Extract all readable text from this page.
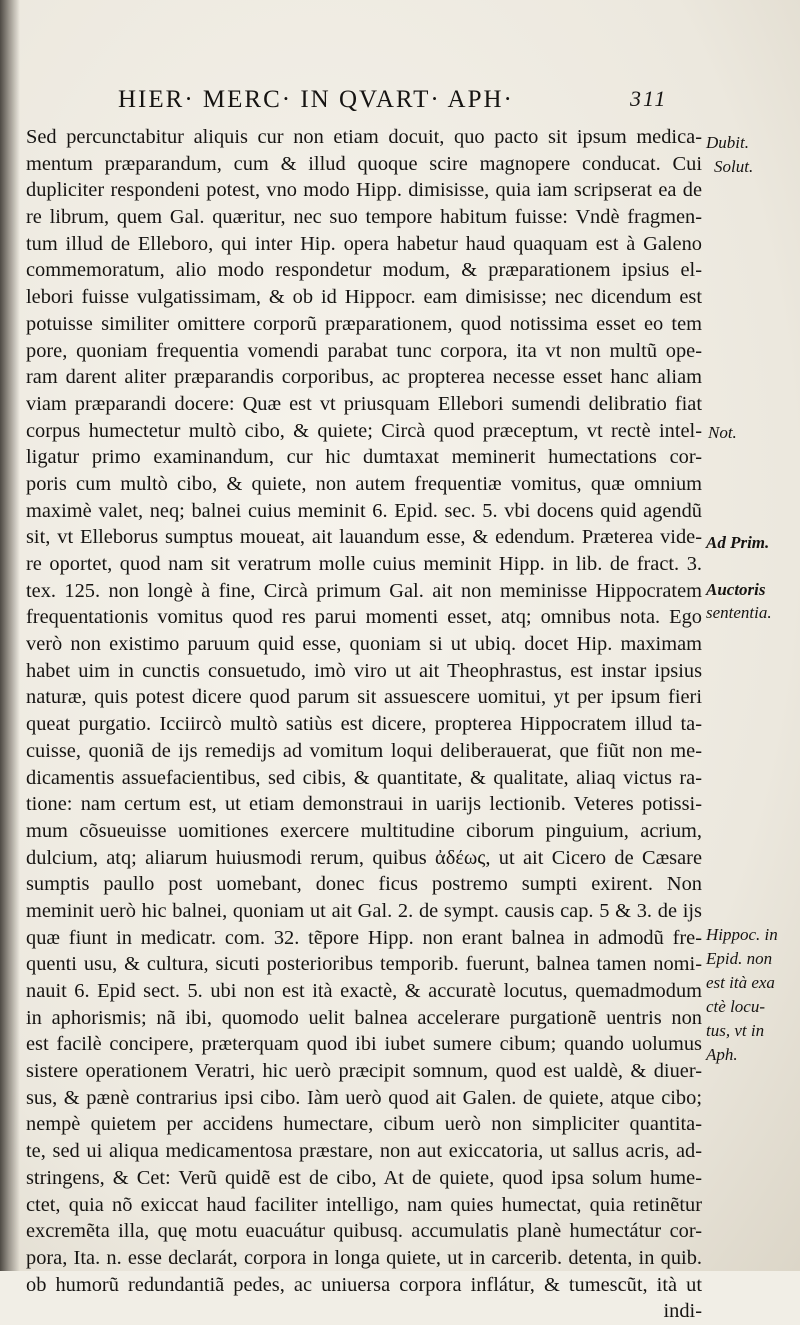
HIER· MERC· IN QVART· APH·	311
Sed percunctabitur aliquis cur non etiam docuit, quo pacto sit ipsum medica-
mentum præparandum, cum & illud quoque scire magnopere conducat. Cui
dupliciter respondeni potest, vno modo Hipp. dimisisse, quia iam scripserat ea de
re librum, quem Gal. quæritur, nec suo tempore habitum fuisse: Vndè fragmen-
tum illud de Elleboro, qui inter Hip. opera habetur haud quaquam est à Galeno
commemoratum, alio modo respondetur modum, & præparationem ipsius el-
lebori fuisse vulgatissimam, & ob id Hippocr. eam dimisisse; nec dicendum est
potuisse similiter omittere corporũ præparationem, quod notissima esset eo tem
pore, quoniam frequentia vomendi parabat tunc corpora, ita vt non multũ ope-
ram darent aliter præparandis corporibus, ac propterea necesse esset hanc aliam
viam præparandi docere: Quæ est vt priusquam Ellebori sumendi delibratio fiat
corpus humectetur multò cibo, & quiete; Circà quod præceptum, vt rectè intel-
ligatur primo examinandum, cur hic dumtaxat meminerit humectations cor-
poris cum multò cibo, & quiete, non autem frequentiæ vomitus, quæ omnium
maximè valet, neq; balnei cuius meminit 6. Epid. sec. 5. vbi docens quid agendũ
sit, vt Elleborus sumptus moueat, ait lauandum esse, & edendum. Præterea vide-
re oportet, quod nam sit veratrum molle cuius meminit Hipp. in lib. de fract. 3.
tex. 125. non longè à fine, Circà primum Gal. ait non meminisse Hippocratem
frequentationis vomitus quod res parui momenti esset, atq; omnibus nota. Ego
verò non existimo paruum quid esse, quoniam si ut ubiq. docet Hip. maximam
habet uim in cunctis consuetudo, imò viro ut ait Theophrastus, est instar ipsius
naturæ, quis potest dicere quod parum sit assuescere uomitui, yt per ipsum fieri
queat purgatio. Icciircò multò satiùs est dicere, propterea Hippocratem illud ta-
cuisse, quoniã de ijs remedijs ad vomitum loqui deliberauerat, que fiũt non me-
dicamentis assuefacientibus, sed cibis, & quantitate, & qualitate, aliaq victus ra-
tione: nam certum est, ut etiam demonstraui in uarijs lectionib. Veteres potissi-
mum cõsueuisse uomitiones exercere multitudine ciborum pinguium, acrium,
dulcium, atq; aliarum huiusmodi rerum, quibus ἀδέως, ut ait Cicero de Cæsare
sumptis paullo post uomebant, donec ficus postremo sumpti exirent. Non
meminit uerò hic balnei, quoniam ut ait Gal. 2. de sympt. causis cap. 5 & 3. de ijs
quæ fiunt in medicatr. com. 32. tẽpore Hipp. non erant balnea in admodũ fre-
quenti usu, & cultura, sicuti posterioribus temporib. fuerunt, balnea tamen nomi-
nauit 6. Epid sect. 5. ubi non est ità exactè, & accuratè locutus, quemadmodum
in aphorismis; nã ibi, quomodo uelit balnea accelerare purgationẽ uentris non
est facilè concipere, præterquam quod ibi iubet sumere cibum; quando uolumus
sistere operationem Veratri, hic uerò præcipit somnum, quod est ualdè, & diuer-
sus, & pænè contrarius ipsi cibo. Iàm uerò quod ait Galen. de quiete, atque cibo;
nempè quietem per accidens humectare, cibum uerò non simpliciter quantita-
te, sed ui aliqua medicamentosa præstare, non aut exiccatoria, ut sallus acris, ad-
stringens, & Cet: Verũ quidẽ est de cibo, At de quiete, quod ipsa solum hume-
ctet, quia nõ exiccat haud faciliter intelligo, nam quies humectat, quia retinẽtur
excremẽta illa, quę motu euacuátur quibusq. accumulatis planè humectátur cor-
pora, Ita. n. esse declarát, corpora in longa quiete, ut in carcerib. detenta, in quib.
ob humorũ redundantiã pedes, ac uniuersa corpora inflátur, & tumescũt, ità ut
indi-
Dubit.
Solut.
Not.
Ad Prim.
Auctoris
sententia.
Hippoc. in
Epid. non
est ità exa
ctè locu-
tus, vt in
Aph.
